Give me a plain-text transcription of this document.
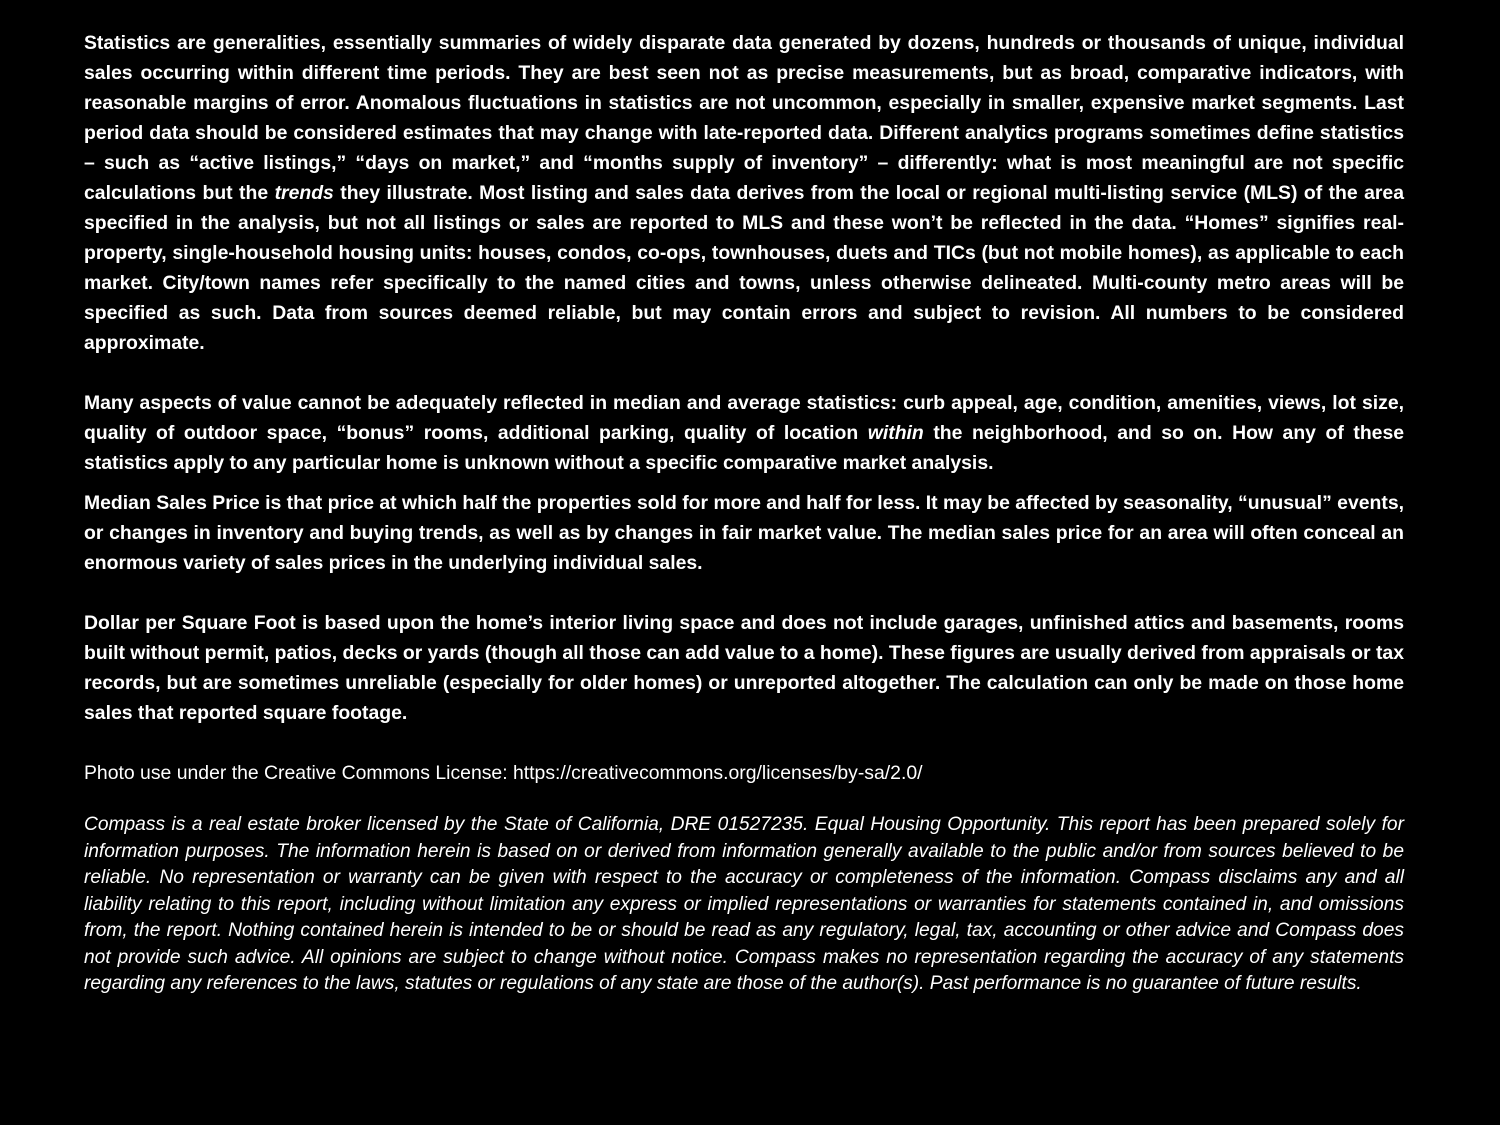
Statistics are generalities, essentially summaries of widely disparate data generated by dozens, hundreds or thousands of unique, individual sales occurring within different time periods. They are best seen not as precise measurements, but as broad, comparative indicators, with reasonable margins of error. Anomalous fluctuations in statistics are not uncommon, especially in smaller, expensive market segments. Last period data should be considered estimates that may change with late-reported data. Different analytics programs sometimes define statistics – such as “active listings,” “days on market,” and “months supply of inventory” – differently: what is most meaningful are not specific calculations but the trends they illustrate. Most listing and sales data derives from the local or regional multi-listing service (MLS) of the area specified in the analysis, but not all listings or sales are reported to MLS and these won’t be reflected in the data. “Homes” signifies real-property, single-household housing units: houses, condos, co-ops, townhouses, duets and TICs (but not mobile homes), as applicable to each market. City/town names refer specifically to the named cities and towns, unless otherwise delineated. Multi-county metro areas will be specified as such. Data from sources deemed reliable, but may contain errors and subject to revision. All numbers to be considered approximate.

Many aspects of value cannot be adequately reflected in median and average statistics: curb appeal, age, condition, amenities, views, lot size, quality of outdoor space, “bonus” rooms, additional parking, quality of location within the neighborhood, and so on. How any of these statistics apply to any particular home is unknown without a specific comparative market analysis.

Median Sales Price is that price at which half the properties sold for more and half for less. It may be affected by seasonality, “unusual” events, or changes in inventory and buying trends, as well as by changes in fair market value. The median sales price for an area will often conceal an enormous variety of sales prices in the underlying individual sales.

Dollar per Square Foot is based upon the home’s interior living space and does not include garages, unfinished attics and basements, rooms built without permit, patios, decks or yards (though all those can add value to a home). These figures are usually derived from appraisals or tax records, but are sometimes unreliable (especially for older homes) or unreported altogether. The calculation can only be made on those home sales that reported square footage.

Photo use under the Creative Commons License: https://creativecommons.org/licenses/by-sa/2.0/

Compass is a real estate broker licensed by the State of California, DRE 01527235. Equal Housing Opportunity. This report has been prepared solely for information purposes. The information herein is based on or derived from information generally available to the public and/or from sources believed to be reliable. No representation or warranty can be given with respect to the accuracy or completeness of the information. Compass disclaims any and all liability relating to this report, including without limitation any express or implied representations or warranties for statements contained in, and omissions from, the report. Nothing contained herein is intended to be or should be read as any regulatory, legal, tax, accounting or other advice and Compass does not provide such advice. All opinions are subject to change without notice. Compass makes no representation regarding the accuracy of any statements regarding any references to the laws, statutes or regulations of any state are those of the author(s). Past performance is no guarantee of future results.
